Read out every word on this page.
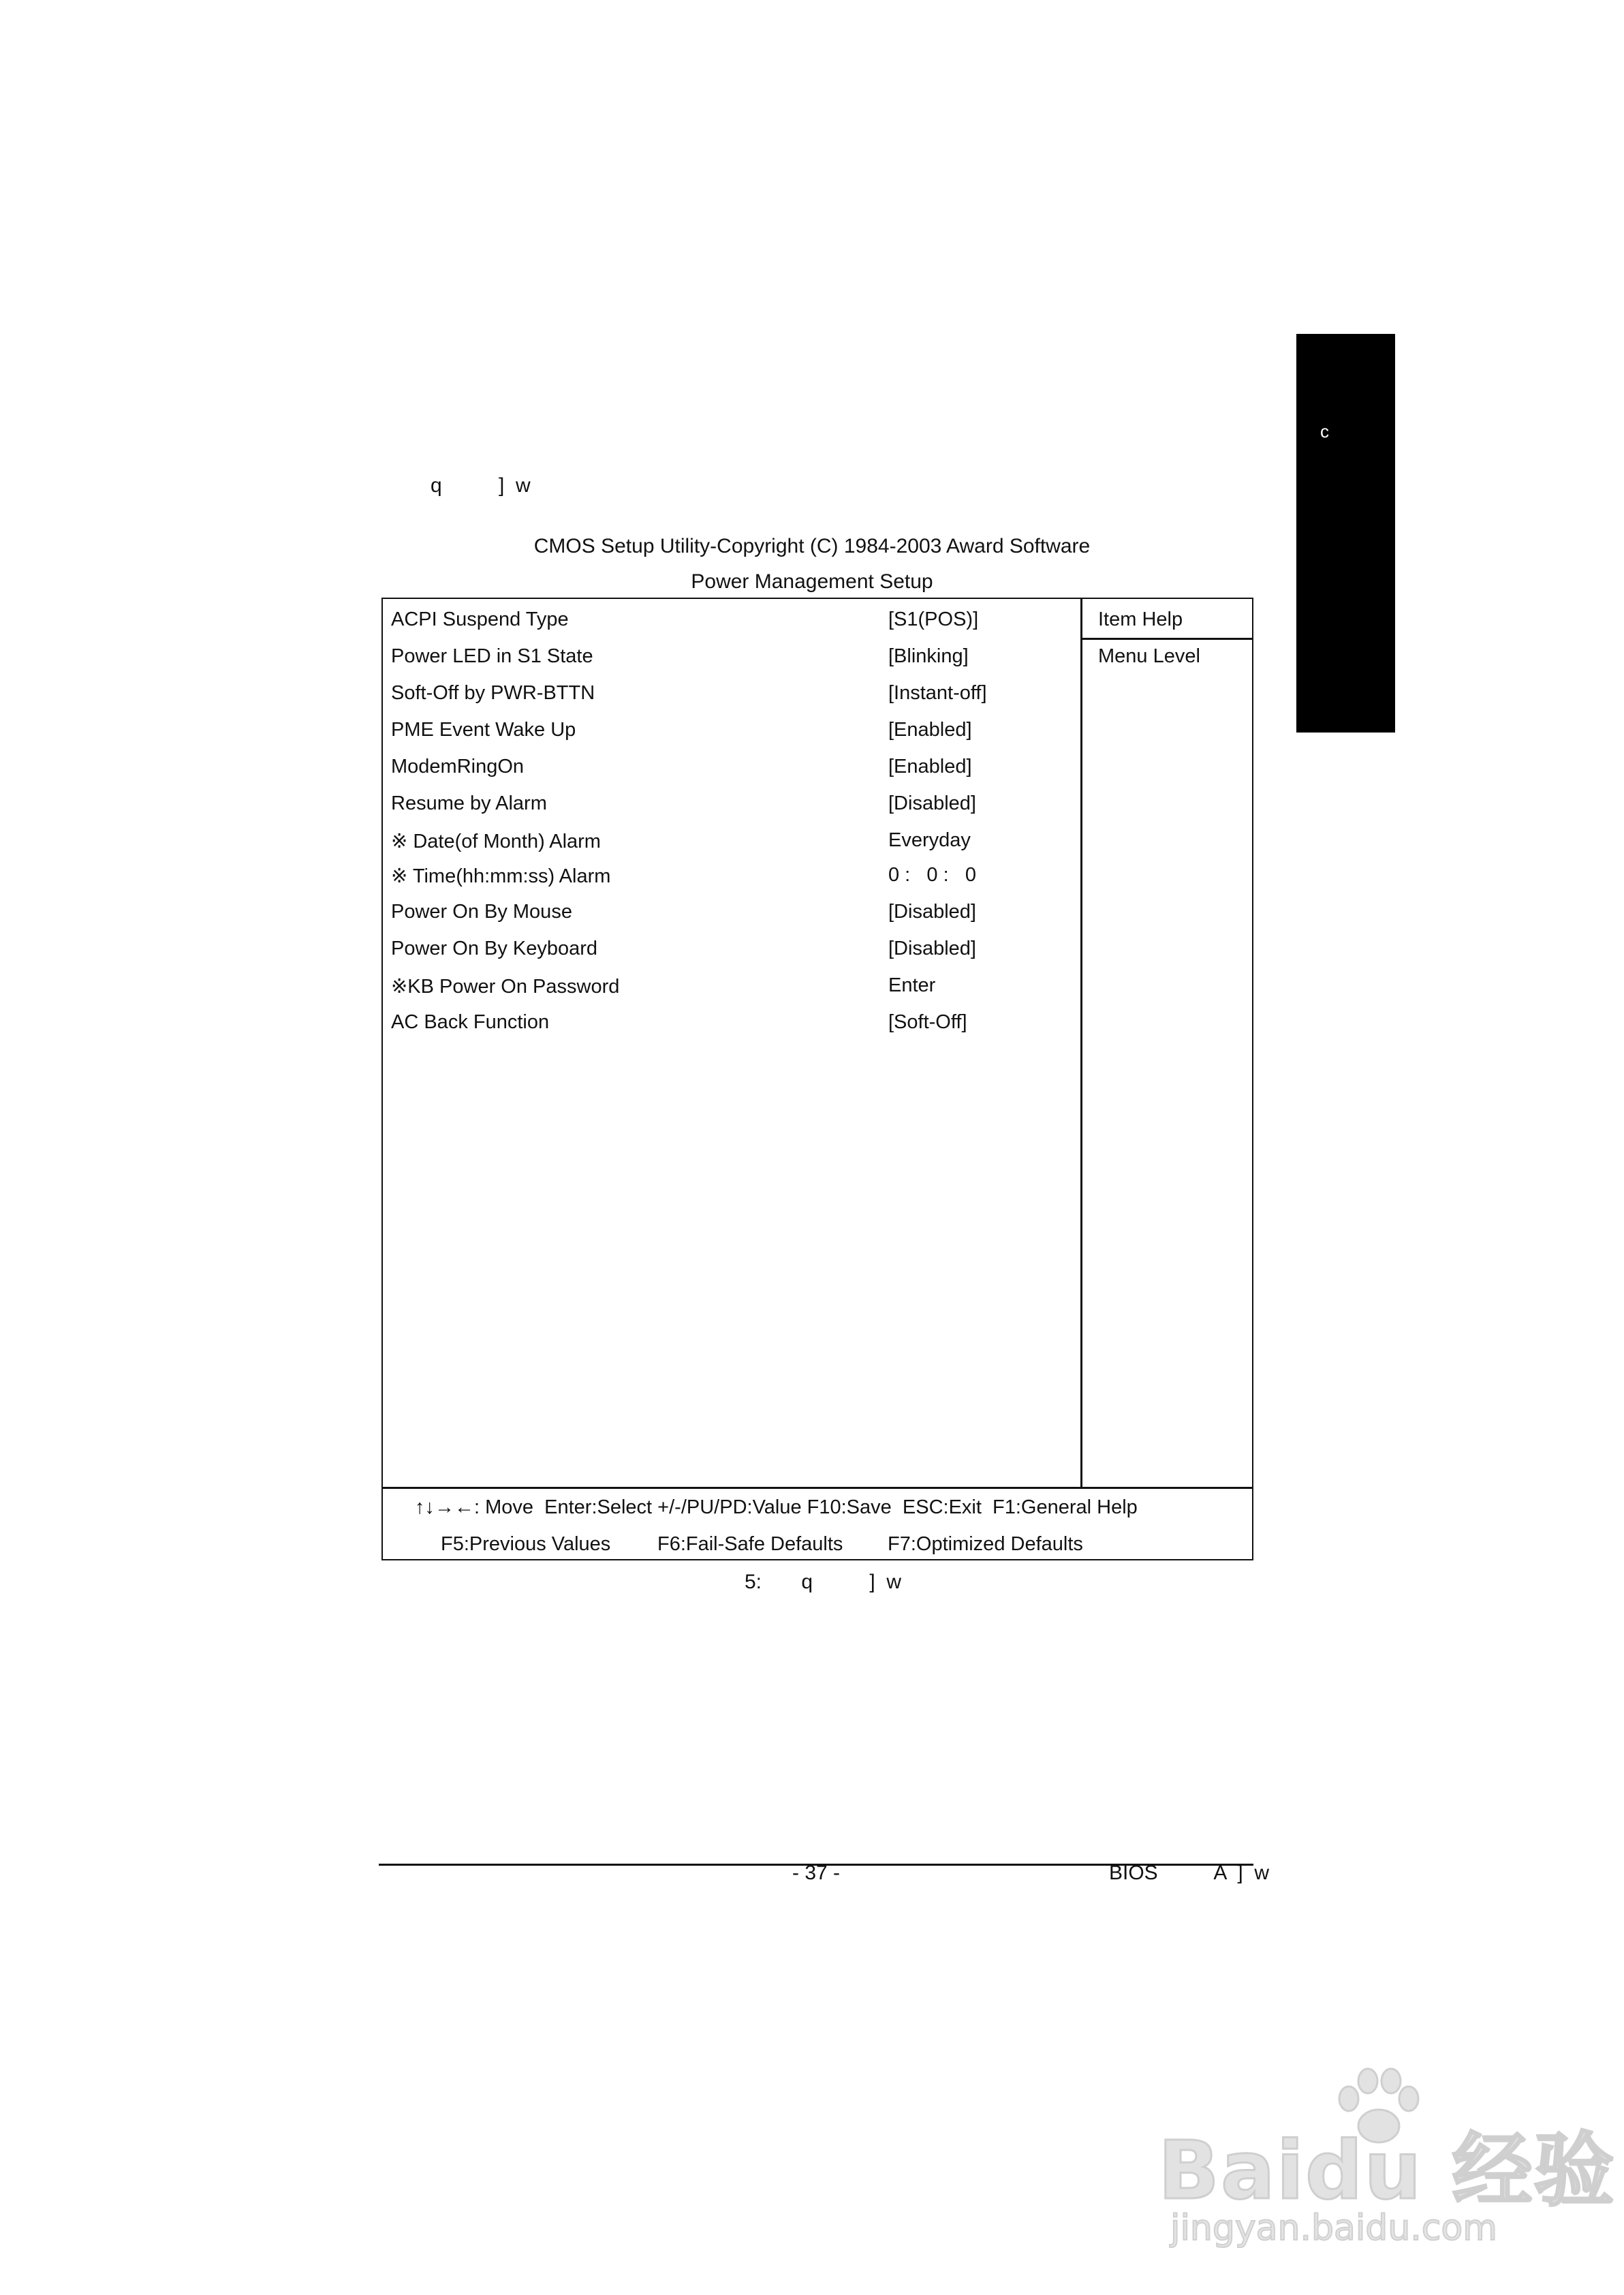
c
q          ]  w
CMOS Setup Utility-Copyright (C) 1984-2003 Award Software
Power Management Setup
Item Help
Menu Level
ACPI Suspend Type	[S1(POS)]
Power LED in S1 State	[Blinking]
Soft-Off by PWR-BTTN	[Instant-off]
PME Event Wake Up	[Enabled]
ModemRingOn	[Enabled]
Resume by Alarm	[Disabled]
※ Date(of Month) Alarm	Everyday
※ Time(hh:mm:ss) Alarm	0 :   0 :   0
Power On By Mouse	[Disabled]
Power On By Keyboard	[Disabled]
※KB Power On Password	Enter
AC Back Function	[Soft-Off]
↑↓→←: Move  Enter:Select +/-/PU/PD:Value F10:Save  ESC:Exit  F1:General Help
F5:Previous Values F6:Fail-Safe Defaults F7:Optimized Defaults
5:       q          ]  w
- 37 -	BIOS          A  ]  w
Baidu 经验
jingyan.baidu.com
